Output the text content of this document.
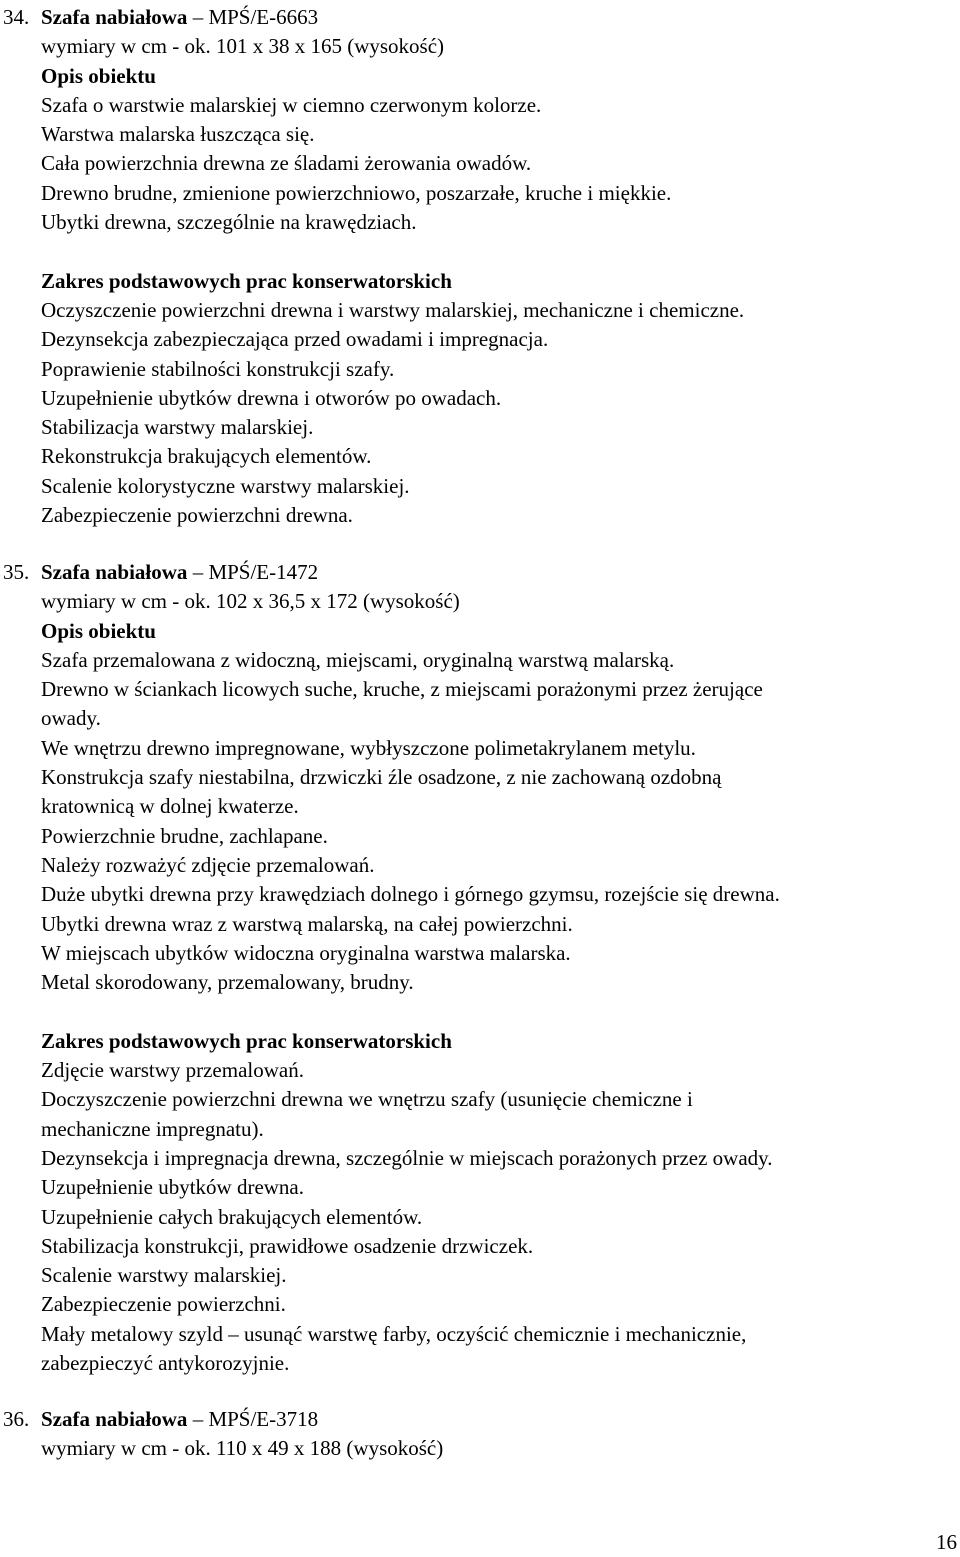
34. Szafa nabiałowa – MPŚ/E-6663
wymiary w cm - ok. 101 x 38 x 165 (wysokość)
Opis obiektu
Szafa o warstwie malarskiej w ciemno czerwonym kolorze.
Warstwa malarska łuszcząca się.
Cała powierzchnia drewna ze śladami żerowania owadów.
Drewno brudne, zmienione powierzchniowo, poszarzałe, kruche i miękkie.
Ubytki drewna, szczególnie na krawędziach.
Zakres podstawowych prac konserwatorskich
Oczyszczenie powierzchni drewna i warstwy malarskiej, mechaniczne i chemiczne.
Dezynsekcja zabezpieczająca przed owadami i impregnacja.
Poprawienie stabilności konstrukcji szafy.
Uzupełnienie ubytków drewna i otworów po owadach.
Stabilizacja warstwy malarskiej.
Rekonstrukcja brakujących elementów.
Scalenie kolorystyczne warstwy malarskiej.
Zabezpieczenie powierzchni drewna.
35. Szafa nabiałowa – MPŚ/E-1472
wymiary w cm - ok. 102 x 36,5 x 172 (wysokość)
Opis obiektu
Szafa przemalowana z widoczną, miejscami, oryginalną warstwą malarską.
Drewno w ściankach licowych suche, kruche, z miejscami porażonymi przez żerujące
owady.
We wnętrzu drewno impregnowane, wybłyszczone polimetakrylanem metylu.
Konstrukcja szafy niestabilna, drzwiczki źle osadzone, z nie zachowaną ozdobną
kratownicą w dolnej kwaterze.
Powierzchnie brudne, zachlapane.
Należy rozważyć zdjęcie przemalowań.
Duże ubytki drewna przy krawędziach dolnego i górnego gzymsu, rozejście się drewna.
Ubytki drewna wraz z warstwą malarską, na całej powierzchni.
W miejscach ubytków widoczna oryginalna warstwa malarska.
Metal skorodowany, przemalowany, brudny.
Zakres podstawowych prac konserwatorskich
Zdjęcie warstwy przemalowań.
Doczyszczenie powierzchni drewna we wnętrzu szafy (usunięcie chemiczne i
mechaniczne impregnatu).
Dezynsekcja i impregnacja drewna, szczególnie w miejscach porażonych przez owady.
Uzupełnienie ubytków drewna.
Uzupełnienie całych brakujących elementów.
Stabilizacja konstrukcji, prawidłowe osadzenie drzwiczek.
Scalenie warstwy malarskiej.
Zabezpieczenie powierzchni.
Mały metalowy szyld – usunąć warstwę farby, oczyścić chemicznie i mechanicznie,
zabezpieczyć antykorozyjnie.
36. Szafa nabiałowa – MPŚ/E-3718
wymiary w cm - ok. 110 x 49 x 188 (wysokość)
16
